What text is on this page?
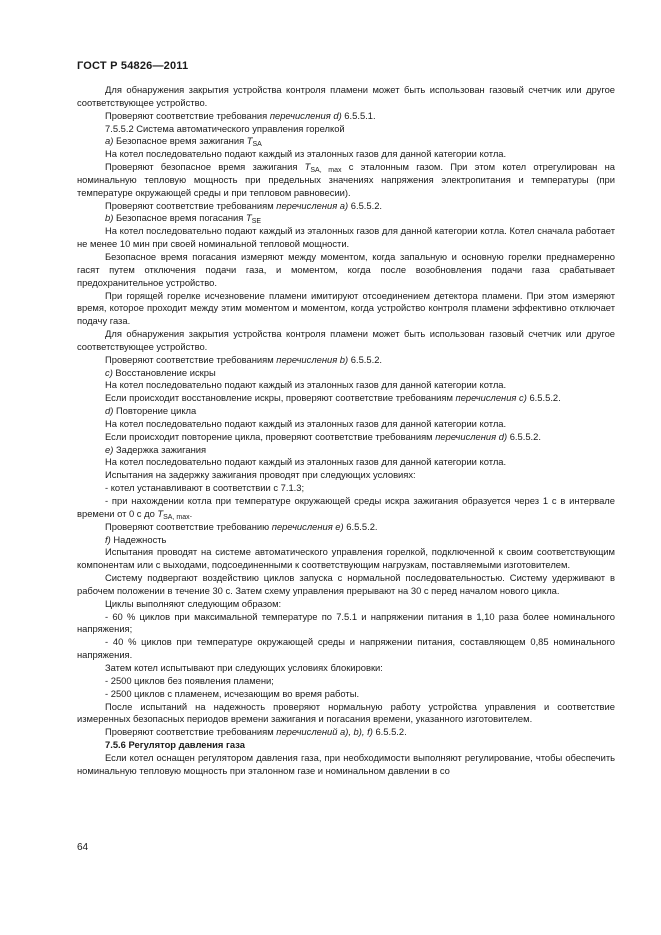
ГОСТ Р 54826—2011

Для обнаружения закрытия устройства контроля пламени может быть использован газовый счетчик или другое соответствующее устройство.

Проверяют соответствие требования перечисления d) 6.5.5.1.

7.5.5.2 Система автоматического управления горелкой

a) Безопасное время зажигания $T_{SA}$

На котел последовательно подают каждый из эталонных газов для данной категории котла.

Проверяют безопасное время зажигания $T_{SA, max}$ с эталонным газом. При этом котел отрегулирован на номинальную тепловую мощность при предельных значениях напряжения электропитания и температуры (при температуре окружающей среды и при тепловом равновесии).

Проверяют соответствие требованиям перечисления a) 6.5.5.2.

b) Безопасное время погасания $T_{SE}$

На котел последовательно подают каждый из эталонных газов для данной категории котла. Котел сначала работает не менее 10 мин при своей номинальной тепловой мощности.

Безопасное время погасания измеряют между моментом, когда запальную и основную горелки преднамеренно гасят путем отключения подачи газа, и моментом, когда после возобновления подачи газа срабатывает предохранительное устройство.

При горящей горелке исчезновение пламени имитируют отсоединением детектора пламени. При этом измеряют время, которое проходит между этим моментом и моментом, когда устройство контроля пламени эффективно отключает подачу газа.

Для обнаружения закрытия устройства контроля пламени может быть использован газовый счетчик или другое соответствующее устройство.

Проверяют соответствие требованиям перечисления b) 6.5.5.2.

c) Восстановление искры

На котел последовательно подают каждый из эталонных газов для данной категории котла.

Если происходит восстановление искры, проверяют соответствие требованиям перечисления c) 6.5.5.2.

d) Повторение цикла

На котел последовательно подают каждый из эталонных газов для данной категории котла.

Если происходит повторение цикла, проверяют соответствие требованиям перечисления d) 6.5.5.2.

e) Задержка зажигания

На котел последовательно подают каждый из эталонных газов для данной категории котла.

Испытания на задержку зажигания проводят при следующих условиях:

- котел устанавливают в соответствии с 7.1.3;

- при нахождении котла при температуре окружающей среды искра зажигания образуется через 1 с в интервале времени от 0 с до $T_{SA, max}$.

Проверяют соответствие требованию перечисления e) 6.5.5.2.

f) Надежность

Испытания проводят на системе автоматического управления горелкой, подключенной к своим соответствующим компонентам или с выходами, подсоединенными к соответствующим нагрузкам, поставляемыми изготовителем.

Систему подвергают воздействию циклов запуска с нормальной последовательностью. Систему удерживают в рабочем положении в течение 30 с. Затем схему управления прерывают на 30 с перед началом нового цикла.

Циклы выполняют следующим образом:

- 60 % циклов при максимальной температуре по 7.5.1 и напряжении питания в 1,10 раза более номинального напряжения;

- 40 % циклов при температуре окружающей среды и напряжении питания, составляющем 0,85 номинального напряжения.

Затем котел испытывают при следующих условиях блокировки:

- 2500 циклов без появления пламени;

- 2500 циклов с пламенем, исчезающим во время работы.

После испытаний на надежность проверяют нормальную работу устройства управления и соответствие измеренных безопасных периодов времени зажигания и погасания времени, указанного изготовителем.

Проверяют соответствие требованиям перечислений a), b), f) 6.5.5.2.

7.5.6 Регулятор давления газа

Если котел оснащен регулятором давления газа, при необходимости выполняют регулирование, чтобы обеспечить номинальную тепловую мощность при эталонном газе и номинальном давлении в со

64
